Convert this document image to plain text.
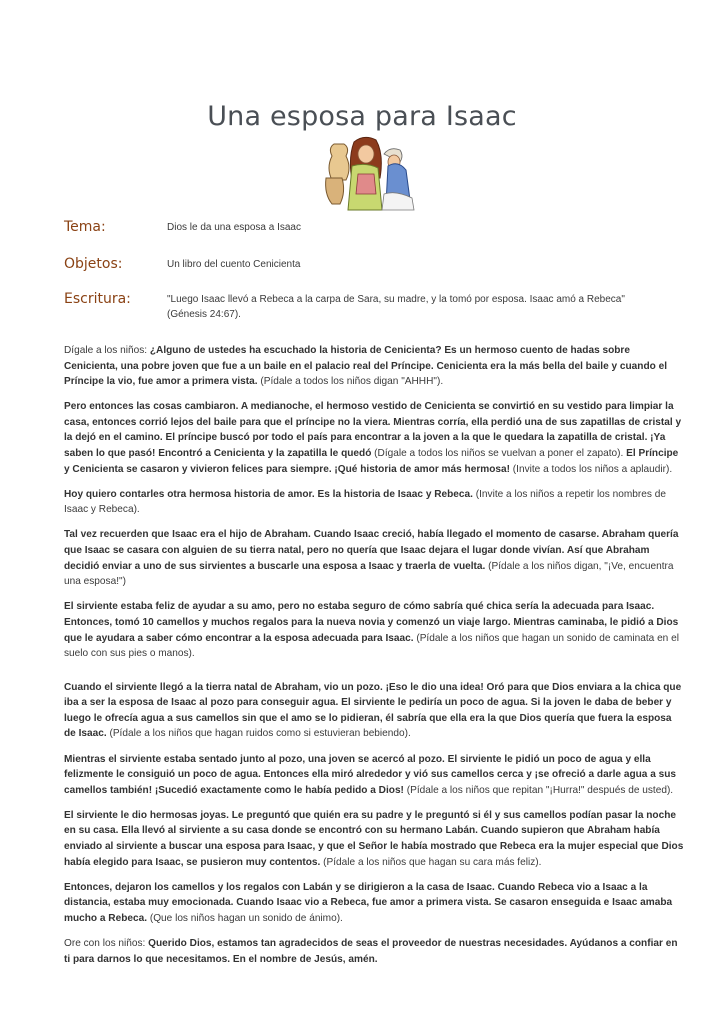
Una esposa para Isaac
Tema:	Dios le da una esposa a Isaac
Objetos:	Un libro del cuento Cenicienta
Escritura:	"Luego Isaac llevó a Rebeca a la carpa de Sara, su madre, y la tomó por esposa. Isaac amó a Rebeca" (Génesis 24:67).

Dígale a los niños: ¿Alguno de ustedes ha escuchado la historia de Cenicienta? Es un hermoso cuento de hadas sobre Cenicienta, una pobre joven que fue a un baile en el palacio real del Príncipe. Cenicienta era la más bella del baile y cuando el Príncipe la vio, fue amor a primera vista. (Pídale a todos los niños digan "AHHH").

Pero entonces las cosas cambiaron. A medianoche, el hermoso vestido de Cenicienta se convirtió en su vestido para limpiar la casa, entonces corrió lejos del baile para que el príncipe no la viera. Mientras corría, ella perdió una de sus zapatillas de cristal y la dejó en el camino. El príncipe buscó por todo el país para encontrar a la joven a la que le quedara la zapatilla de cristal. ¡Ya saben lo que pasó! Encontró a Cenicienta y la zapatilla le quedó (Dígale a todos los niños se vuelvan a poner el zapato). El Príncipe y Cenicienta se casaron y vivieron felices para siempre. ¡Qué historia de amor más hermosa! (Invite a todos los niños a aplaudir).

Hoy quiero contarles otra hermosa historia de amor. Es la historia de Isaac y Rebeca. (Invite a los niños a repetir los nombres de Isaac y Rebeca).

Tal vez recuerden que Isaac era el hijo de Abraham. Cuando Isaac creció, había llegado el momento de casarse. Abraham quería que Isaac se casara con alguien de su tierra natal, pero no quería que Isaac dejara el lugar donde vivían. Así que Abraham decidió enviar a uno de sus sirvientes a buscarle una esposa a Isaac y traerla de vuelta. (Pídale a los niños digan, "¡Ve, encuentra una esposa!")

El sirviente estaba feliz de ayudar a su amo, pero no estaba seguro de cómo sabría qué chica sería la adecuada para Isaac. Entonces, tomó 10 camellos y muchos regalos para la nueva novia y comenzó un viaje largo. Mientras caminaba, le pidió a Dios que le ayudara a saber cómo encontrar a la esposa adecuada para Isaac. (Pídale a los niños que hagan un sonido de caminata en el suelo con sus pies o manos).

Cuando el sirviente llegó a la tierra natal de Abraham, vio un pozo. ¡Eso le dio una idea! Oró para que Dios enviara a la chica que iba a ser la esposa de Isaac al pozo para conseguir agua. El sirviente le pediría un poco de agua. Si la joven le daba de beber y luego le ofrecía agua a sus camellos sin que el amo se lo pidieran, él sabría que ella era la que Dios quería que fuera la esposa de Isaac. (Pídale a los niños que hagan ruidos como si estuvieran bebiendo).

Mientras el sirviente estaba sentado junto al pozo, una joven se acercó al pozo. El sirviente le pidió un poco de agua y ella felizmente le consiguió un poco de agua. Entonces ella miró alrededor y vió sus camellos cerca y ¡se ofreció a darle agua a sus camellos también! ¡Sucedió exactamente como le había pedido a Dios! (Pídale a los niños que repitan "¡Hurra!" después de usted).

El sirviente le dio hermosas joyas. Le preguntó que quién era su padre y le preguntó si él y sus camellos podían pasar la noche en su casa. Ella llevó al sirviente a su casa donde se encontró con su hermano Labán. Cuando supieron que Abraham había enviado al sirviente a buscar una esposa para Isaac, y que el Señor le había mostrado que Rebeca era la mujer especial que Dios había elegido para Isaac, se pusieron muy contentos. (Pídale a los niños que hagan su cara más feliz).

Entonces, dejaron los camellos y los regalos con Labán y se dirigieron a la casa de Isaac. Cuando Rebeca vio a Isaac a la distancia, estaba muy emocionada. Cuando Isaac vio a Rebeca, fue amor a primera vista. Se casaron enseguida e Isaac amaba mucho a Rebeca. (Que los niños hagan un sonido de ánimo).

Ore con los niños: Querido Dios, estamos tan agradecidos de seas el proveedor de nuestras necesidades. Ayúdanos a confiar en ti para darnos lo que necesitamos. En el nombre de Jesús, amén.
